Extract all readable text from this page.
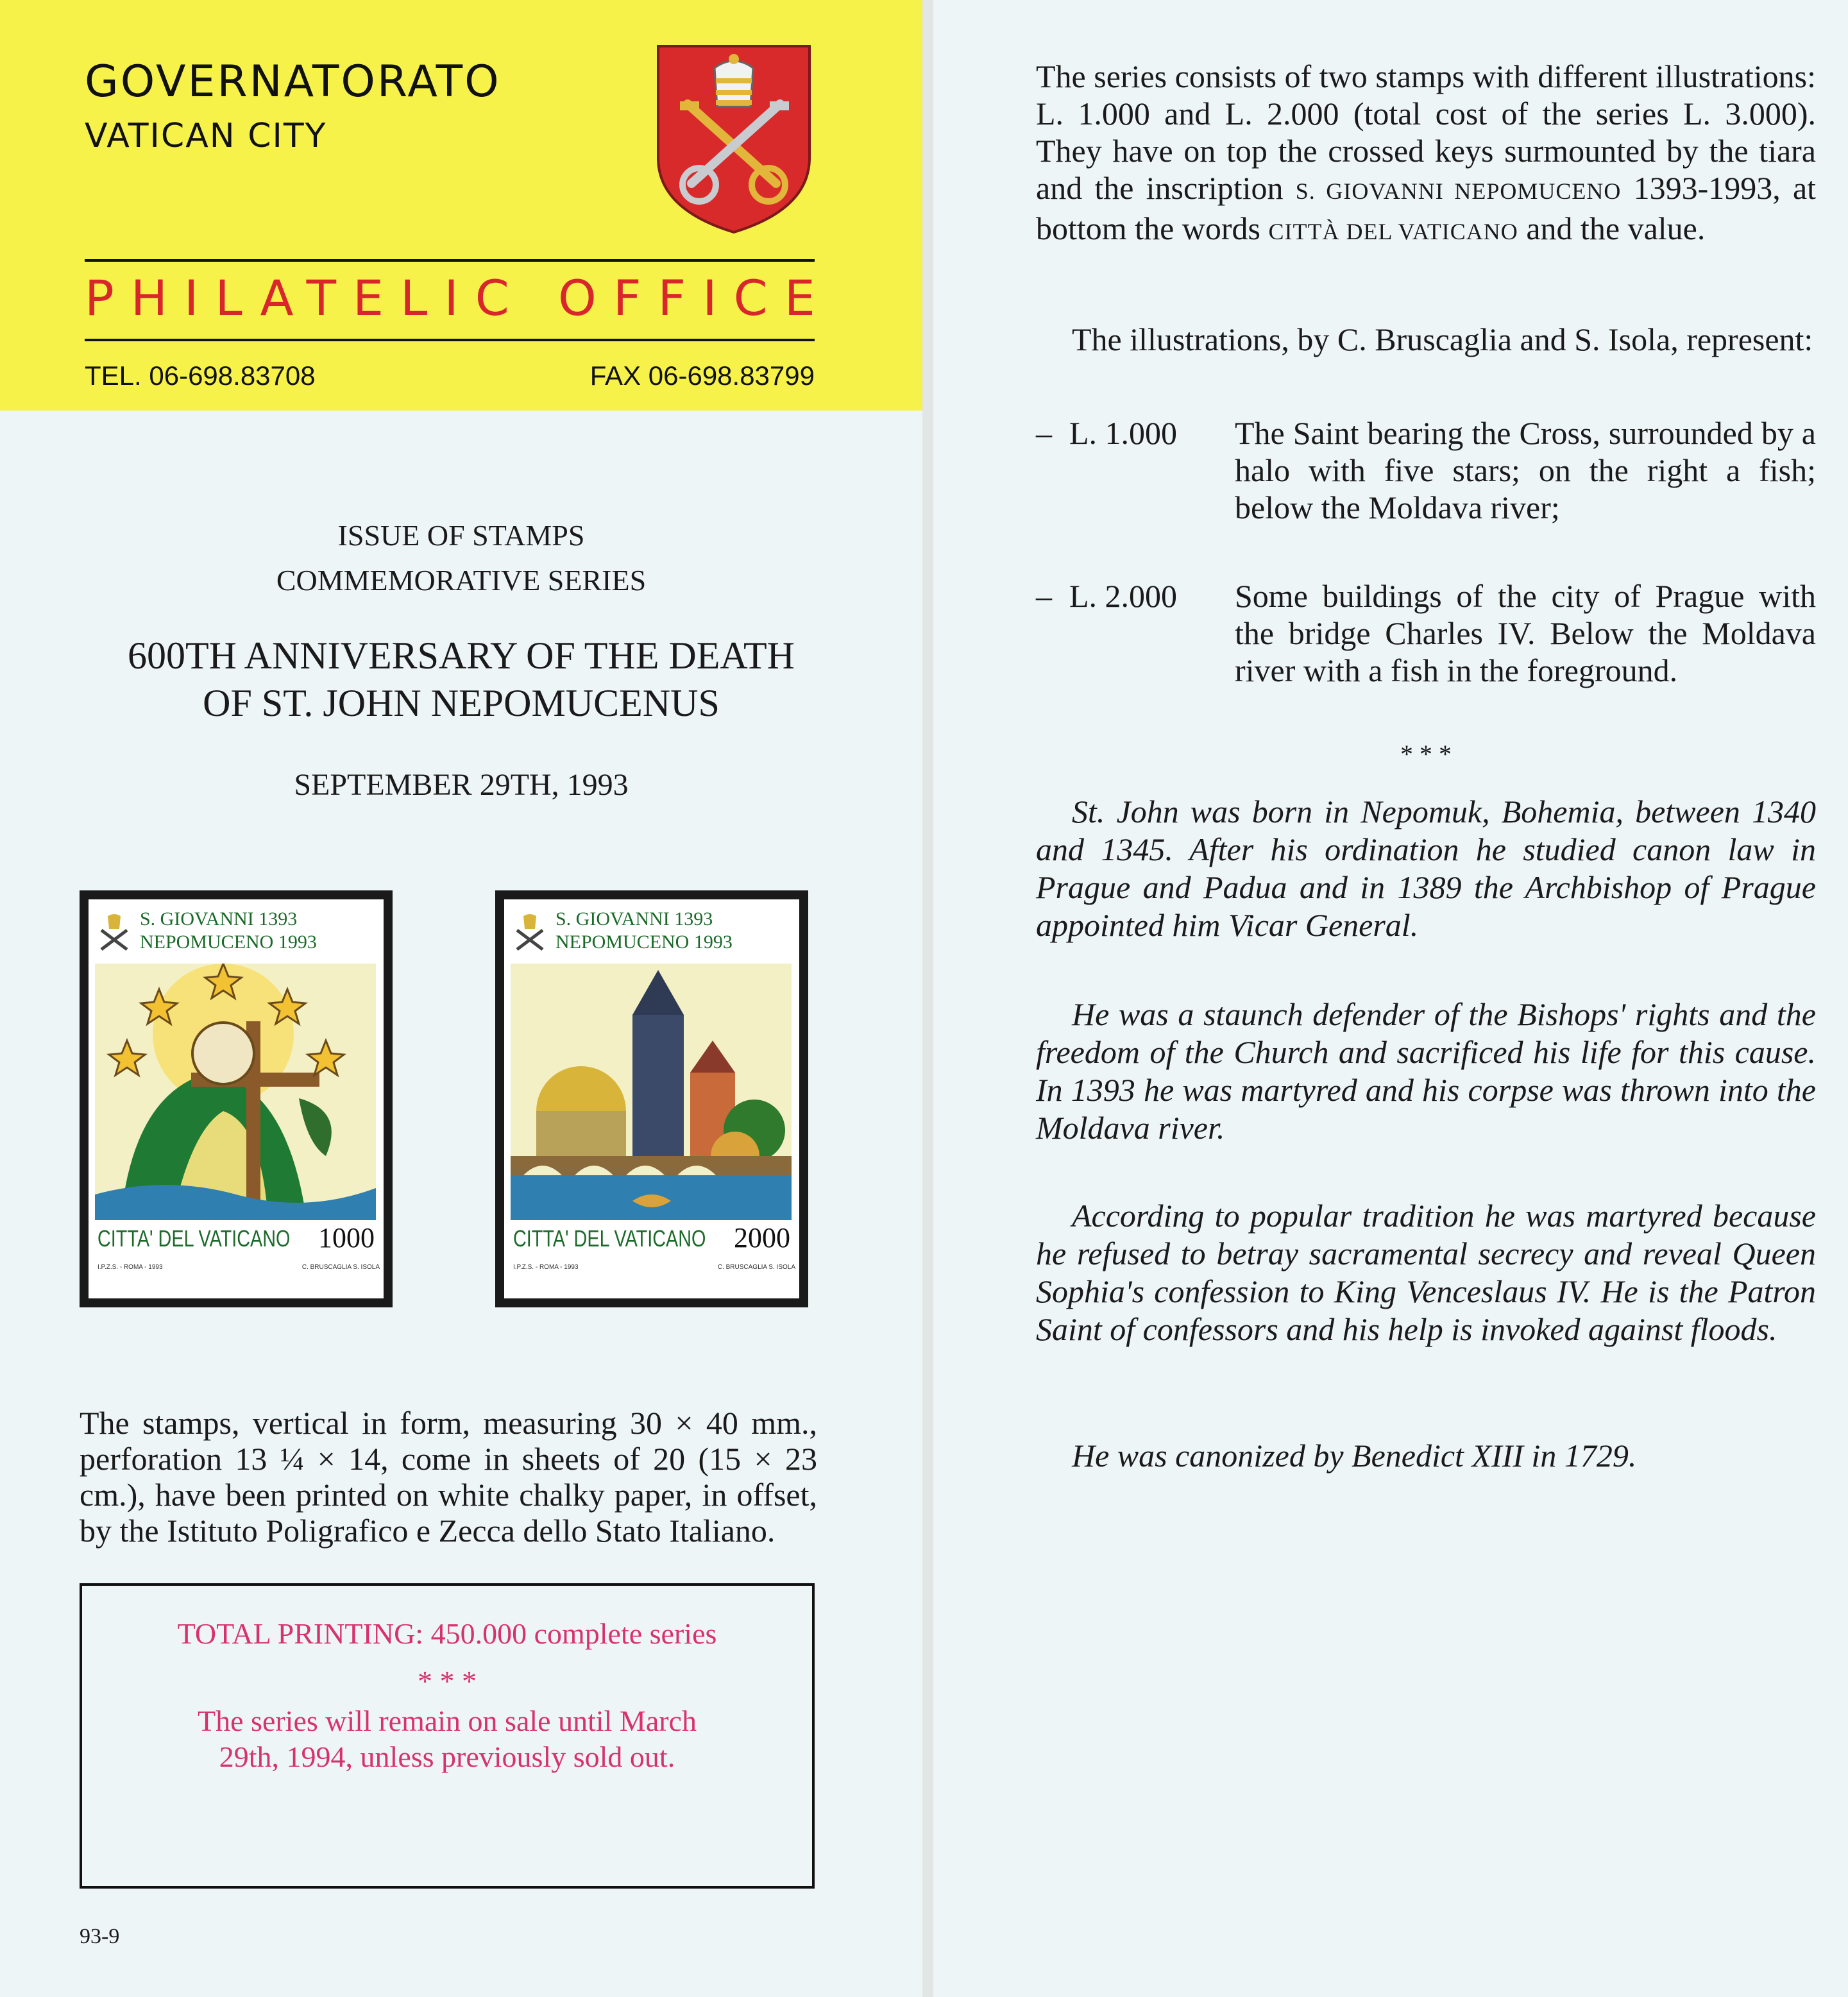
GOVERNATORATO
VATICAN CITY
PHILATELIC OFFICE
TEL. 06-698.83708	FAX 06-698.83799
ISSUE OF STAMPS
COMMEMORATIVE SERIES
600TH ANNIVERSARY OF THE DEATH
OF ST. JOHN NEPOMUCENUS
SEPTEMBER 29TH, 1993
S. GIOVANNI 1393
NEPOMUCENO 1993
CITTA' DEL VATICANO 1000
I.P.Z.S. - ROMA - 1993	C. BRUSCAGLIA S. ISOLA
S. GIOVANNI 1393
NEPOMUCENO 1993
CITTA' DEL VATICANO 2000
I.P.Z.S. - ROMA - 1993	C. BRUSCAGLIA S. ISOLA

The stamps, vertical in form, measuring 30 × 40 mm., perforation 13 ¼ × 14, come in sheets of 20 (15 × 23 cm.), have been printed on white chalky paper, in offset, by the Istituto Poligrafico e Zecca dello Stato Italiano.

TOTAL PRINTING: 450.000 complete series
* * *
The series will remain on sale until March
29th, 1994, unless previously sold out.
93-9

The series consists of two stamps with different illustrations: L. 1.000 and L. 2.000 (total cost of the series L. 3.000). They have on top the crossed keys surmounted by the tiara and the inscription S. GIOVANNI NEPOMUCENO 1393-1993, at bottom the words CITTÀ DEL VATICANO and the value.

The illustrations, by C. Bruscaglia and S. Isola, represent:

– L. 1.000 The Saint bearing the Cross, surrounded by a halo with five stars; on the right a fish; below the Moldava river;
– L. 2.000 Some buildings of the city of Prague with the bridge Charles IV. Below the Moldava river with a fish in the foreground.
* * *

St. John was born in Nepomuk, Bohemia, between 1340 and 1345. After his ordination he studied canon law in Prague and Padua and in 1389 the Archbishop of Prague appointed him Vicar General.

He was a staunch defender of the Bishops' rights and the freedom of the Church and sacrificed his life for this cause. In 1393 he was martyred and his corpse was thrown into the Moldava river.

According to popular tradition he was martyred because he refused to betray sacramental secrecy and reveal Queen Sophia's confession to King Venceslaus IV. He is the Patron Saint of confessors and his help is invoked against floods.

He was canonized by Benedict XIII in 1729.
